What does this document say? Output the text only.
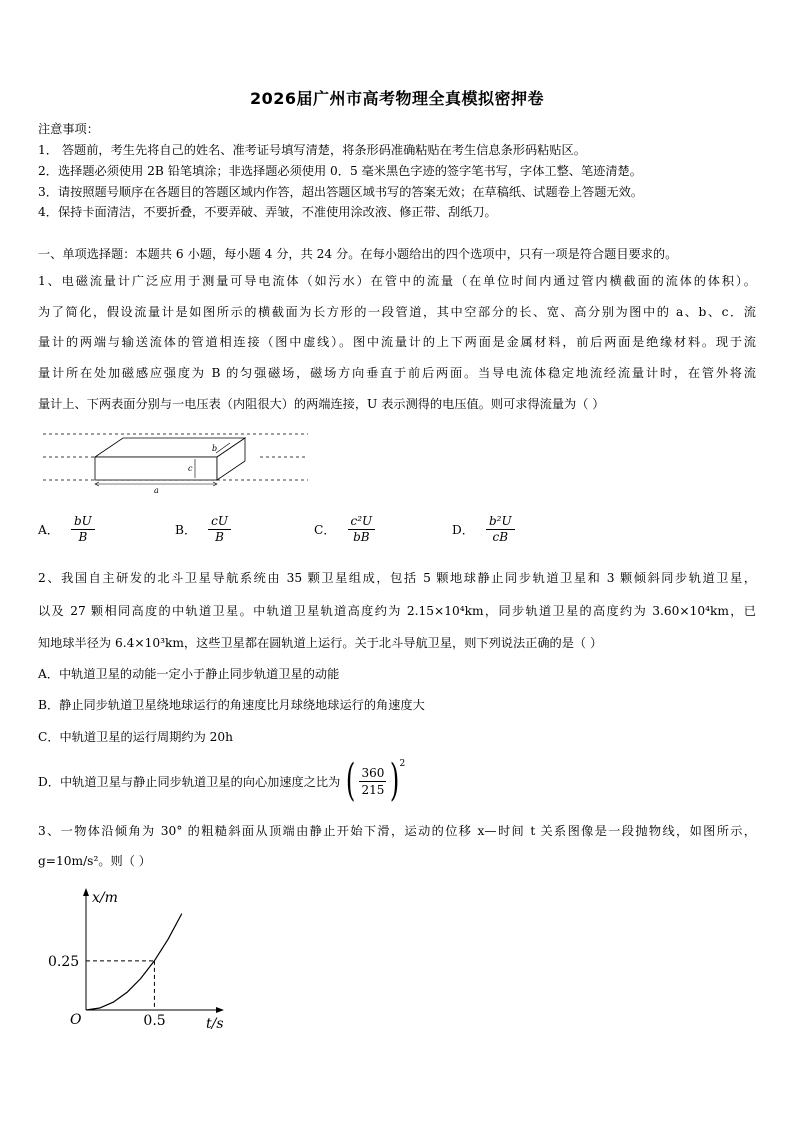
2026届广州市高考物理全真模拟密押卷
注意事项：
1． 答题前，考生先将自己的姓名、准考证号填写清楚，将条形码准确粘贴在考生信息条形码粘贴区。
2．选择题必须使用 2B 铅笔填涂；非选择题必须使用 0．5 毫米黑色字迹的签字笔书写，字体工整、笔迹清楚。
3．请按照题号顺序在各题目的答题区域内作答，超出答题区域书写的答案无效；在草稿纸、试题卷上答题无效。
4．保持卡面清洁，不要折叠，不要弄破、弄皱，不准使用涂改液、修正带、刮纸刀。
一、单项选择题：本题共 6 小题，每小题 4 分，共 24 分。在每小题给出的四个选项中，只有一项是符合题目要求的。
1、电磁流量计广泛应用于测量可导电流体（如污水）在管中的流量（在单位时间内通过管内横截面的流体的体积）。
为了简化，假设流量计是如图所示的横截面为长方形的一段管道，其中空部分的长、宽、高分别为图中的 a、b、c．流
量计的两端与输送流体的管道相连接（图中虚线）。图中流量计的上下两面是金属材料，前后两面是绝缘材料。现于流
量计所在处加磁感应强度为 B 的匀强磁场，磁场方向垂直于前后两面。当导电流体稳定地流经流量计时，在管外将流
量计上、下两表面分别与一电压表（内阻很大）的两端连接，U 表示测得的电压值。则可求得流量为（ ）
b
c
a
A． $\frac{bU}{B}$	B． $\frac{cU}{B}$	C． $\frac{\text{c²U}}{bB}$	D． $\frac{\text{b²U}}{cB}$
2、我国自主研发的北斗卫星导航系统由 35 颗卫星组成，包括 5 颗地球静止同步轨道卫星和 3 颗倾斜同步轨道卫星，
以及 27 颗相同高度的中轨道卫星。中轨道卫星轨道高度约为 2.15×10⁴km，同步轨道卫星的高度约为 3.60×10⁴km，已
知地球半径为 6.4×10³km，这些卫星都在圆轨道上运行。关于北斗导航卫星，则下列说法正确的是（ ）
A．中轨道卫星的动能一定小于静止同步轨道卫星的动能
B．静止同步轨道卫星绕地球运行的角速度比月球绕地球运行的角速度大
C．中轨道卫星的运行周期约为 20h
D．中轨道卫星与静止同步轨道卫星的向心加速度之比为 ( $\frac{360}{215}$ ) 2
3、一物体沿倾角为 30° 的粗糙斜面从顶端由静止开始下滑，运动的位移 x—时间 t 关系图像是一段抛物线，如图所示，
g=10m/s²。则（ ）
x/m
t/s
O
0.25
0.5
